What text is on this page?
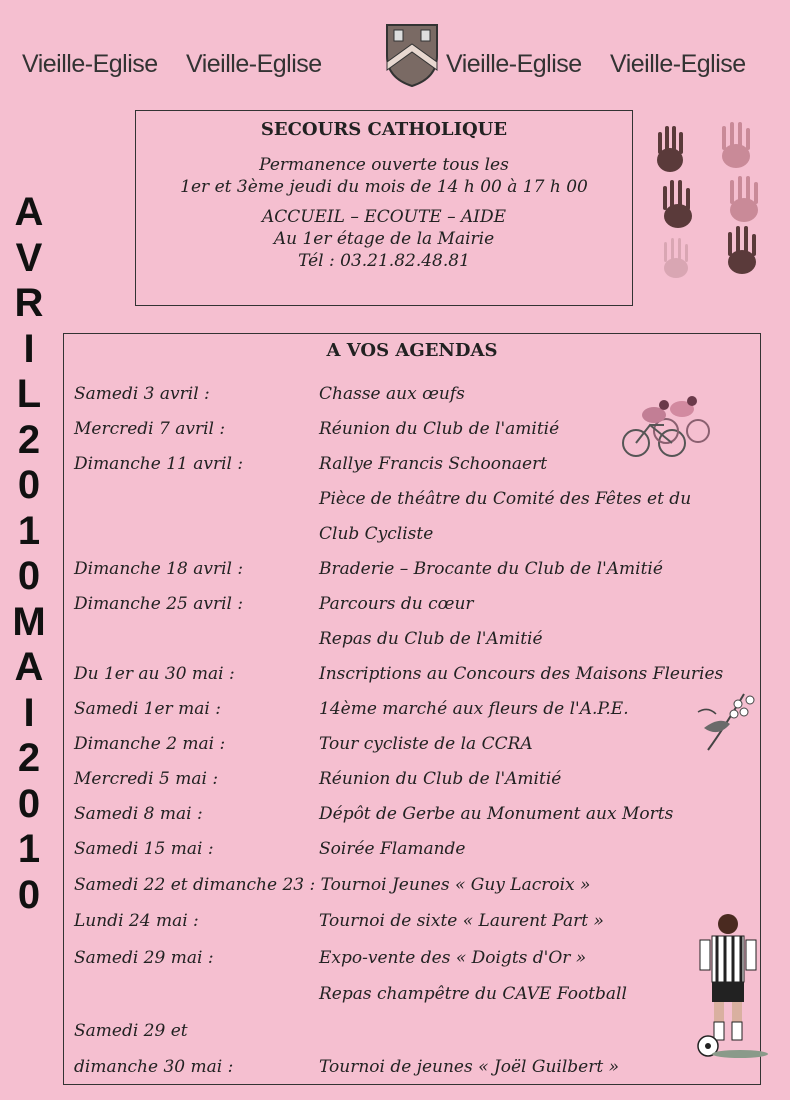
Vieille-Eglise Vieille-Eglise	Vieille-Eglise Vieille-Eglise
SECOURS CATHOLIQUE
Permanence ouverte tous les
1er et 3ème jeudi du mois de 14 h 00 à 17 h 00
ACCUEIL – ECOUTE – AIDE
Au 1er étage de la Mairie
Tél : 03.21.82.48.81
A
V
R
I
L
2
0
1
0
M
A
I
2
0
1
0
A VOS AGENDAS
Samedi 3 avril :	Chasse aux œufs
Mercredi 7 avril :	Réunion du Club de l'amitié
Dimanche 11 avril :	Rallye Francis Schoonaert
Pièce de théâtre du Comité des Fêtes et du
Club Cycliste
Dimanche 18 avril :	Braderie – Brocante du Club de l'Amitié
Dimanche 25 avril :	Parcours du cœur
Repas du Club de l'Amitié
Du 1er au 30 mai :	Inscriptions au Concours des Maisons Fleuries
Samedi 1er mai :	14ème marché aux fleurs de l'A.P.E.
Dimanche 2 mai :	Tour cycliste de la CCRA
Mercredi 5 mai :	Réunion du Club de l'Amitié
Samedi 8 mai :	Dépôt de Gerbe au Monument aux Morts
Samedi 15 mai :	Soirée Flamande
Samedi 22 et dimanche 23 : Tournoi Jeunes « Guy Lacroix »
Lundi 24 mai :	Tournoi de sixte « Laurent Part »
Samedi 29 mai :	Expo-vente des « Doigts d'Or »
Repas champêtre du CAVE Football
Samedi 29 et
dimanche 30 mai :	Tournoi de jeunes « Joël Guilbert »
